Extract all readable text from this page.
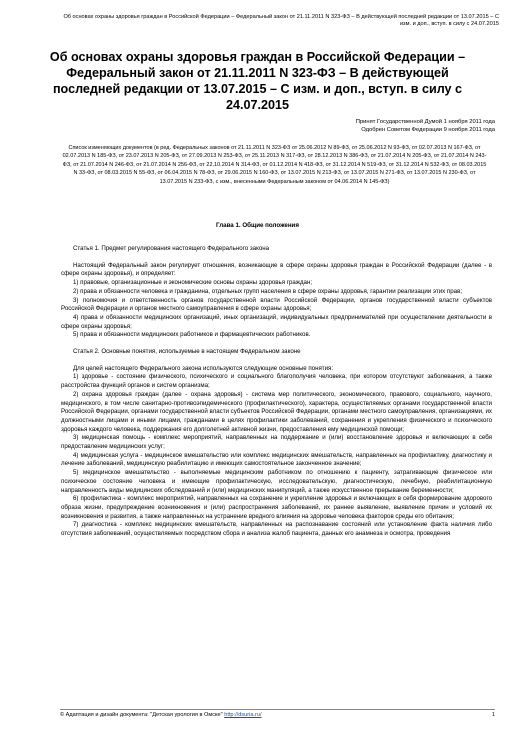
Об основах охраны здоровья граждан в Российской Федерации – Федеральный закон от 21.11.2011 N 323-ФЗ – В действующей последней редакции от 13.07.2015 – С изм. и доп., вступ. в силу с 24.07.2015
Об основах охраны здоровья граждан в Российской Федерации – Федеральный закон от 21.11.2011 N 323-ФЗ – В действующей последней редакции от 13.07.2015 – С изм. и доп., вступ. в силу с 24.07.2015
Принят Государственной Думой 1 ноября 2011 года
Одобрен Советом Федерации 9 ноября 2011 года
Список изменяющих документов (в ред. Федеральных законов от 21.11.2011 N 323-ФЗ от 25.06.2012 N 89-ФЗ, от 25.06.2012 N 93-ФЗ, от 02.07.2013 N 167-ФЗ, от 02.07.2013 N 185-ФЗ, от 23.07.2013 N 205-ФЗ, от 27.09.2013 N 253-ФЗ, от 25.11.2013 N 317-ФЗ, от 28.12.2013 N 386-ФЗ, от 21.07.2014 N 205-ФЗ, от 21.07.2014 N 243-ФЗ, от 21.07.2014 N 246-ФЗ, от 21.07.2014 N 256-ФЗ, от 22.10.2014 N 314-ФЗ, от 01.12.2014 N 418-ФЗ, от 31.12.2014 N 519-ФЗ, от 31.12.2014 N 532-ФЗ, от 08.03.2015 N 33-ФЗ, от 08.03.2015 N 55-ФЗ, от 06.04.2015 N 78-ФЗ, от 29.06.2015 N 160-ФЗ, от 13.07.2015 N 213-ФЗ, от 13.07.2015 N 271-ФЗ, от 13.07.2015 N 230-ФЗ, от 13.07.2015 N 233-ФЗ, с изм., внесенными Федеральным законом от 04.06.2014 N 145-ФЗ)
Глава 1. Общие положения

Статья 1. Предмет регулирования настоящего Федерального закона

Настоящий Федеральный закон регулирует отношения, возникающие в сфере охраны здоровья граждан в Российской Федерации (далее - в сфере охраны здоровья), и определяет:

1) правовые, организационные и экономические основы охраны здоровья граждан;

2) права и обязанности человека и гражданина, отдельных групп населения в сфере охраны здоровья, гарантии реализации этих прав;

3) полномочия и ответственность органов государственной власти Российской Федерации, органов государственной власти субъектов Российской Федерации и органов местного самоуправления в сфере охраны здоровья;

4) права и обязанности медицинских организаций, иных организаций, индивидуальных предпринимателей при осуществлении деятельности в сфере охраны здоровья;

5) права и обязанности медицинских работников и фармацевтических работников.

Статья 2. Основные понятия, используемые в настоящем Федеральном законе

Для целей настоящего Федерального закона используются следующие основные понятия:

1) здоровье - состояние физического, психического и социального благополучия человека, при котором отсутствуют заболевания, а также расстройства функций органов и систем организма;

2) охрана здоровья граждан (далее - охрана здоровья) - система мер политического, экономического, правового, социального, научного, медицинского, в том числе санитарно-противоэпидемического (профилактического), характера, осуществляемых органами государственной власти Российской Федерации, органами государственной власти субъектов Российской Федерации, органами местного самоуправления, организациями, их должностными лицами и иными лицами, гражданами в целях профилактики заболеваний, сохранения и укрепления физического и психического здоровья каждого человека, поддержания его долголетней активной жизни, предоставления ему медицинской помощи;

3) медицинская помощь - комплекс мероприятий, направленных на поддержание и (или) восстановление здоровья и включающих в себя предоставление медицинских услуг;

4) медицинская услуга - медицинское вмешательство или комплекс медицинских вмешательств, направленных на профилактику, диагностику и лечение заболеваний, медицинскую реабилитацию и имеющих самостоятельное законченное значение;

5) медицинское вмешательство - выполняемые медицинским работником по отношению к пациенту, затрагивающие физическое или психическое состояние человека и имеющие профилактическую, исследовательскую, диагностическую, лечебную, реабилитационную направленность виды медицинских обследований и (или) медицинских манипуляций, а также искусственное прерывание беременности;

6) профилактика - комплекс мероприятий, направленных на сохранение и укрепление здоровья и включающих в себя формирование здорового образа жизни, предупреждение возникновения и (или) распространения заболеваний, их раннее выявление, выявление причин и условий их возникновения и развития, а также направленных на устранение вредного влияния на здоровье человека факторов среды его обитания;

7) диагностика - комплекс медицинских вмешательств, направленных на распознавание состояний или установление факта наличия либо отсутствия заболеваний, осуществляемых посредством сбора и анализа жалоб пациента, данных его анамнеза и осмотра, проведения

© Адаптация и дизайн документа: "Детская урология в Омске" http://dsuria.ru/	1
